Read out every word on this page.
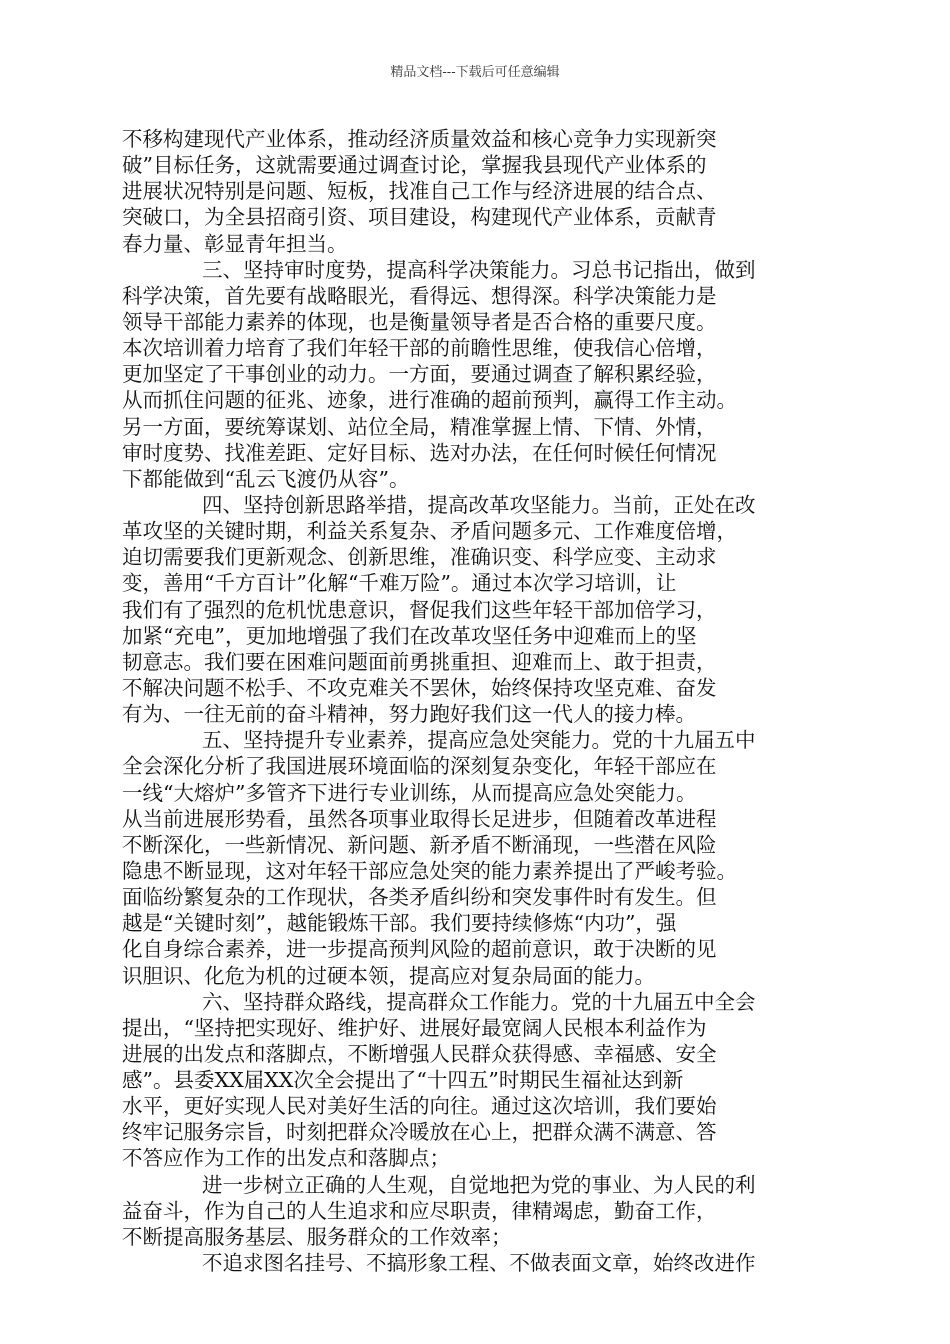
精品文档---下载后可任意编辑
不移构建现代产业体系，推动经济质量效益和核心竞争力实现新突
破”目标任务，这就需要通过调查讨论，掌握我县现代产业体系的
进展状况特别是问题、短板，找准自己工作与经济进展的结合点、
突破口，为全县招商引资、项目建设，构建现代产业体系，贡献青
春力量、彰显青年担当。
三、坚持审时度势，提高科学决策能力。习总书记指出，做到
科学决策，首先要有战略眼光，看得远、想得深。科学决策能力是
领导干部能力素养的体现，也是衡量领导者是否合格的重要尺度。
本次培训着力培育了我们年轻干部的前瞻性思维，使我信心倍增，
更加坚定了干事创业的动力。一方面，要通过调查了解积累经验，
从而抓住问题的征兆、迹象，进行准确的超前预判，赢得工作主动。
另一方面，要统筹谋划、站位全局，精准掌握上情、下情、外情，
审时度势、找准差距、定好目标、选对办法，在任何时候任何情况
下都能做到“乱云飞渡仍从容”。
四、坚持创新思路举措，提高改革攻坚能力。当前，正处在改
革攻坚的关键时期，利益关系复杂、矛盾问题多元、工作难度倍增，
迫切需要我们更新观念、创新思维，准确识变、科学应变、主动求
变，善用“千方百计”化解“千难万险”。通过本次学习培训，让
我们有了强烈的危机忧患意识，督促我们这些年轻干部加倍学习，
加紧“充电”，更加地增强了我们在改革攻坚任务中迎难而上的坚
韧意志。我们要在困难问题面前勇挑重担、迎难而上、敢于担责，
不解决问题不松手、不攻克难关不罢休，始终保持攻坚克难、奋发
有为、一往无前的奋斗精神，努力跑好我们这一代人的接力棒。
五、坚持提升专业素养，提高应急处突能力。党的十九届五中
全会深化分析了我国进展环境面临的深刻复杂变化，年轻干部应在
一线“大熔炉”多管齐下进行专业训练，从而提高应急处突能力。
从当前进展形势看，虽然各项事业取得长足进步，但随着改革进程
不断深化，一些新情况、新问题、新矛盾不断涌现，一些潜在风险
隐患不断显现，这对年轻干部应急处突的能力素养提出了严峻考验。
面临纷繁复杂的工作现状，各类矛盾纠纷和突发事件时有发生。但
越是“关键时刻”，越能锻炼干部。我们要持续修炼“内功”，强
化自身综合素养，进一步提高预判风险的超前意识，敢于决断的见
识胆识、化危为机的过硬本领，提高应对复杂局面的能力。
六、坚持群众路线，提高群众工作能力。党的十九届五中全会
提出，“坚持把实现好、维护好、进展好最宽阔人民根本利益作为
进展的出发点和落脚点，不断增强人民群众获得感、幸福感、安全
感”。县委XX届XX次全会提出了“十四五”时期民生福祉达到新
水平，更好实现人民对美好生活的向往。通过这次培训，我们要始
终牢记服务宗旨，时刻把群众冷暖放在心上，把群众满不满意、答
不答应作为工作的出发点和落脚点；
进一步树立正确的人生观，自觉地把为党的事业、为人民的利
益奋斗，作为自己的人生追求和应尽职责，律精竭虑，勤奋工作，
不断提高服务基层、服务群众的工作效率；
不追求图名挂号、不搞形象工程、不做表面文章，始终改进作
